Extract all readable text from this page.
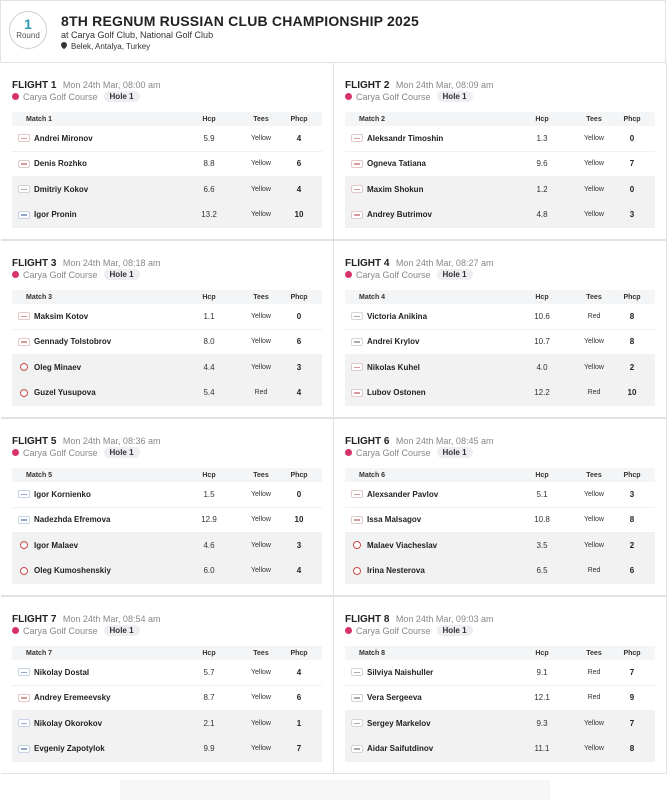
1
Round
8TH REGNUM RUSSIAN CLUB CHAMPIONSHIP 2025
at Carya Golf Club, National Golf Club
Belek, Antalya, Turkey
FLIGHT 1 Mon 24th Mar, 08:00 am
Carya Golf Course	Hole 1
Match 1	Hcp	Tees	Phcp
Andrei Mironov	5.9	Yellow	4
Denis Rozhko	8.8	Yellow	6
Dmitriy Kokov	6.6	Yellow	4
Igor Pronin	13.2	Yellow	10
FLIGHT 2 Mon 24th Mar, 08:09 am
Carya Golf Course	Hole 1
Match 2	Hcp	Tees	Phcp
Aleksandr Timoshin	1.3	Yellow	0
Ogneva Tatiana	9.6	Yellow	7
Maxim Shokun	1.2	Yellow	0
Andrey Butrimov	4.8	Yellow	3
FLIGHT 3 Mon 24th Mar, 08:18 am
Carya Golf Course	Hole 1
Match 3	Hcp	Tees	Phcp
Maksim Kotov	1.1	Yellow	0
Gennady Tolstobrov	8.0	Yellow	6
Oleg Minaev	4.4	Yellow	3
Guzel Yusupova	5.4	Red	4
FLIGHT 4 Mon 24th Mar, 08:27 am
Carya Golf Course	Hole 1
Match 4	Hcp	Tees	Phcp
Victoria Anikina	10.6	Red	8
Andrei Krylov	10.7	Yellow	8
Nikolas Kuhel	4.0	Yellow	2
Lubov Ostonen	12.2	Red	10
FLIGHT 5 Mon 24th Mar, 08:36 am
Carya Golf Course	Hole 1
Match 5	Hcp	Tees	Phcp
Igor Kornienko	1.5	Yellow	0
Nadezhda Efremova	12.9	Yellow	10
Igor Malaev	4.6	Yellow	3
Oleg Kumoshenskiy	6.0	Yellow	4
FLIGHT 6 Mon 24th Mar, 08:45 am
Carya Golf Course	Hole 1
Match 6	Hcp	Tees	Phcp
Alexsander Pavlov	5.1	Yellow	3
Issa Malsagov	10.8	Yellow	8
Malaev Viacheslav	3.5	Yellow	2
Irina Nesterova	6.5	Red	6
FLIGHT 7 Mon 24th Mar, 08:54 am
Carya Golf Course	Hole 1
Match 7	Hcp	Tees	Phcp
Nikolay Dostal	5.7	Yellow	4
Andrey Eremeevsky	8.7	Yellow	6
Nikolay Okorokov	2.1	Yellow	1
Evgeniy Zapotylok	9.9	Yellow	7
FLIGHT 8 Mon 24th Mar, 09:03 am
Carya Golf Course	Hole 1
Match 8	Hcp	Tees	Phcp
Silviya Naishuller	9.1	Red	7
Vera Sergeeva	12.1	Red	9
Sergey Markelov	9.3	Yellow	7
Aidar Saifutdinov	11.1	Yellow	8
